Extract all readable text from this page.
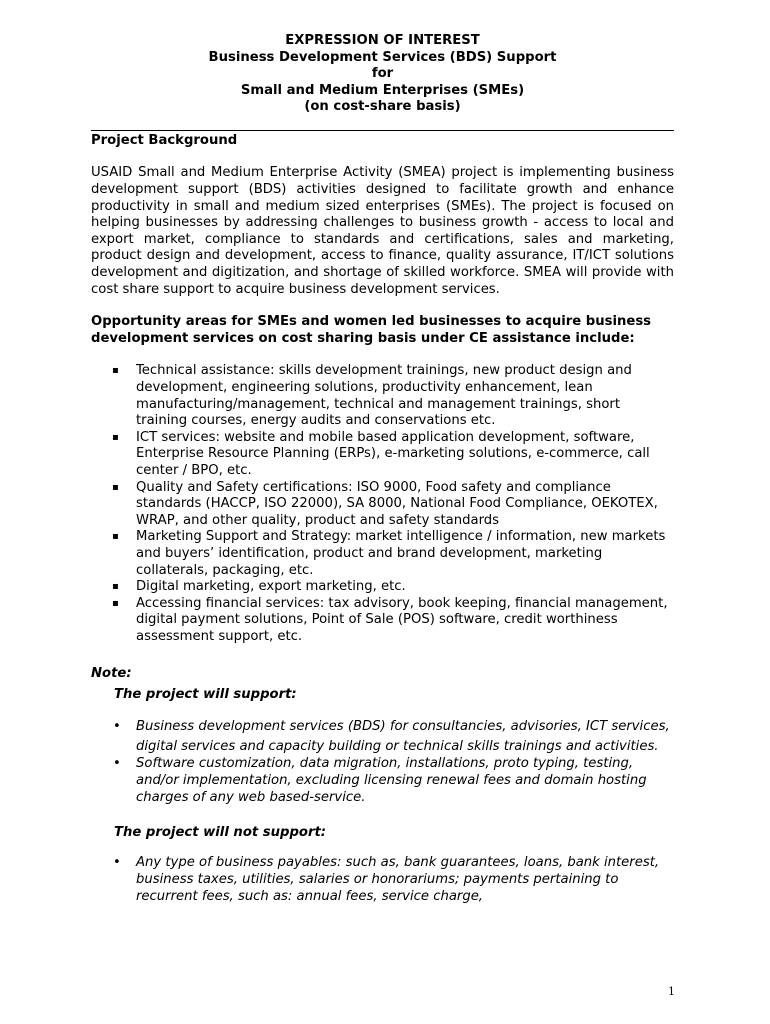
EXPRESSION OF INTEREST
Business Development Services (BDS) Support
for
Small and Medium Enterprises (SMEs)
(on cost-share basis)
Project Background
USAID Small and Medium Enterprise Activity (SMEA) project is implementing business development support (BDS) activities designed to facilitate growth and enhance productivity in small and medium sized enterprises (SMEs). The project is focused on helping businesses by addressing challenges to business growth - access to local and export market, compliance to standards and certifications, sales and marketing, product design and development, access to finance, quality assurance, IT/ICT solutions development and digitization, and shortage of skilled workforce. SMEA will provide with cost share support to acquire business development services.
Opportunity areas for SMEs and women led businesses to acquire business development services on cost sharing basis under CE assistance include:
▪ Technical assistance: skills development trainings, new product design and development, engineering solutions, productivity enhancement, lean manufacturing/management, technical and management trainings, short training courses, energy audits and conservations etc.
▪ ICT services: website and mobile based application development, software, Enterprise Resource Planning (ERPs), e-marketing solutions, e-commerce, call center / BPO, etc.
▪ Quality and Safety certifications: ISO 9000, Food safety and compliance standards (HACCP, ISO 22000), SA 8000, National Food Compliance, OEKOTEX, WRAP, and other quality, product and safety standards
▪ Marketing Support and Strategy: market intelligence / information, new markets and buyers’ identification, product and brand development, marketing collaterals, packaging, etc.
▪ Digital marketing, export marketing, etc.
▪ Accessing financial services: tax advisory, book keeping, financial management, digital payment solutions, Point of Sale (POS) software, credit worthiness assessment support, etc.
Note:
The project will support:
• Business development services (BDS) for consultancies, advisories, ICT services, digital services and capacity building or technical skills trainings and activities.
• Software customization, data migration, installations, proto typing, testing, and/or implementation, excluding licensing renewal fees and domain hosting charges of any web based-service.
The project will not support:
• Any type of business payables: such as, bank guarantees, loans, bank interest, business taxes, utilities, salaries or honorariums; payments pertaining to recurrent fees, such as: annual fees, service charge,
1
